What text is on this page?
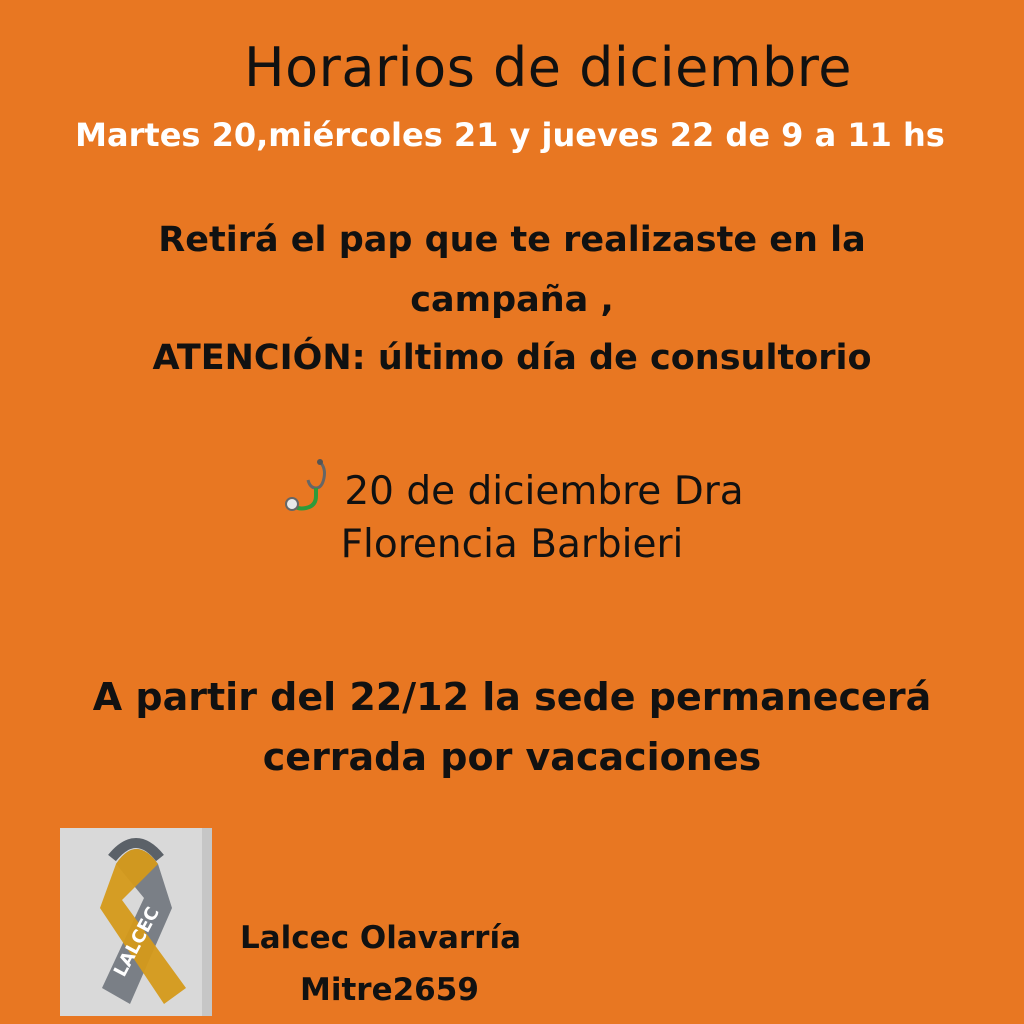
Horarios de diciembre
Martes 20,miércoles 21 y jueves 22 de 9 a 11 hs
Retirá el pap que te realizaste en la
campaña ,
ATENCIÓN: último día de consultorio
20 de diciembre Dra
Florencia Barbieri
A partir del 22/12 la sede permanecerá
cerrada por vacaciones
LALCEC Lalcec Olavarría
Mitre2659
